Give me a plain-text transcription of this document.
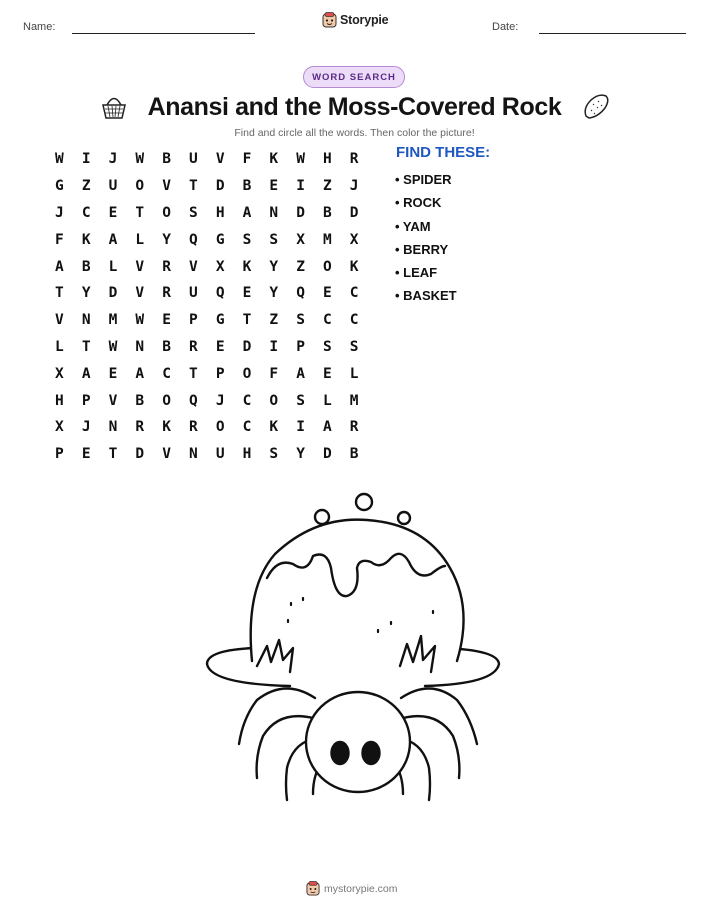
Name:	Storypie	Date:
WORD SEARCH
Anansi and the Moss-Covered Rock
Find and circle all the words. Then color the picture!
W	I	J	W	B	U	V	F	K	W	H	R
G	Z	U	O	V	T	D	B	E	I	Z	J
J	C	E	T	O	S	H	A	N	D	B	D
F	K	A	L	Y	Q	G	S	S	X	M	X
A	B	L	V	R	V	X	K	Y	Z	O	K
T	Y	D	V	R	U	Q	E	Y	Q	E	C
V	N	M	W	E	P	G	T	Z	S	C	C
L	T	W	N	B	R	E	D	I	P	S	S
X	A	E	A	C	T	P	O	F	A	E	L
H	P	V	B	O	Q	J	C	O	S	L	M
X	J	N	R	K	R	O	C	K	I	A	R
P	E	T	D	V	N	U	H	S	Y	D	B
FIND THESE:
• SPIDER
• ROCK
• YAM
• BERRY
• LEAF
• BASKET
mystorypie.com
